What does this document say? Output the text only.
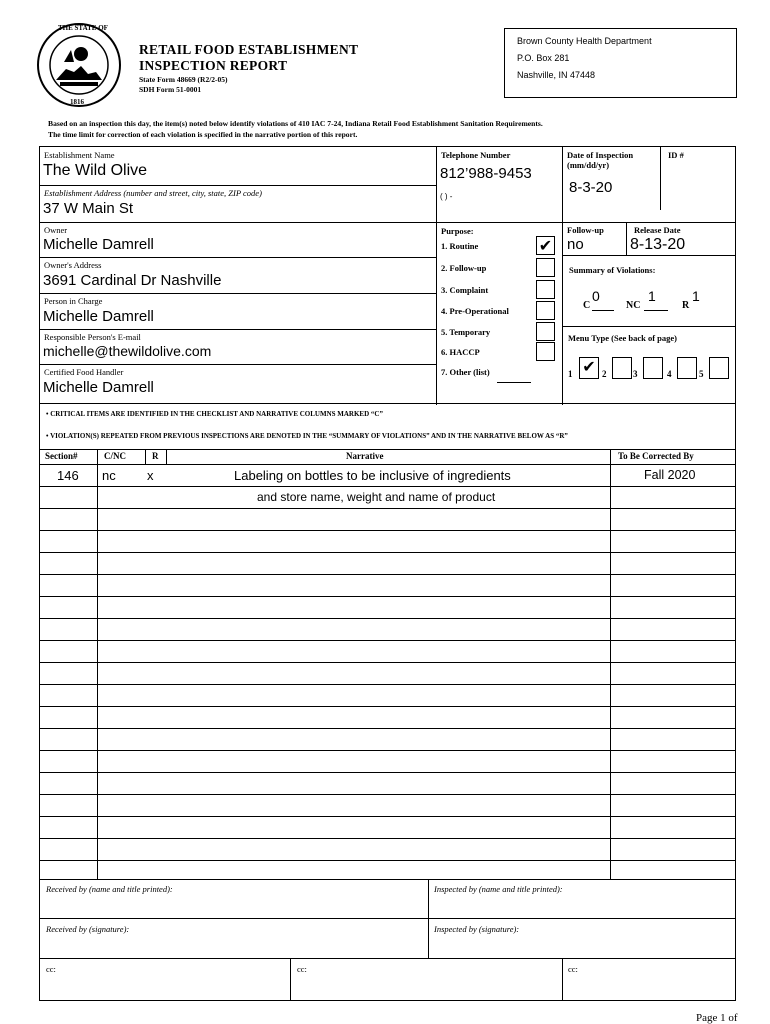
THE STATE OF
1816
RETAIL FOOD ESTABLISHMENT
INSPECTION REPORT
State Form 48669 (R2/2-05)
SDH Form 51-0001
Brown County Health Department
P.O. Box 281
Nashville, IN 47448
Based on an inspection this day, the item(s) noted below identify violations of 410 IAC 7-24, Indiana Retail Food Establishment Sanitation Requirements.
The time limit for correction of each violation is specified in the narrative portion of this report.
Establishment Name
The Wild Olive
Establishment Address (number and street, city, state, ZIP code)
37 W Main St
Owner
Michelle Damrell
Owner's Address
3691 Cardinal Dr Nashville
Person in Charge
Michelle Damrell
Responsible Person's E-mail
michelle@thewildolive.com
Certified Food Handler
Michelle Damrell
Telephone Number
812’988-9453
( ) -
Purpose:
1. Routine	✔
2. Follow-up
3. Complaint
4. Pre-Operational
5. Temporary
6. HACCP
7. Other (list)
Date of Inspection (mm/dd/yr)
8-3-20
ID #
Follow-up
no
Release Date
8-13-20
Summary of Violations:
C
0
NC
1
R
1
Menu Type (See back of page)
1 ✔ 2	3	4	5
• CRITICAL ITEMS ARE IDENTIFIED IN THE CHECKLIST AND NARRATIVE COLUMNS MARKED “C”
• VIOLATION(S) REPEATED FROM PREVIOUS INSPECTIONS ARE DENOTED IN THE “SUMMARY OF VIOLATIONS” AND IN THE NARRATIVE BELOW AS “R”
Section#	C/NC	R	Narrative	To Be Corrected By
146 nc x	Labeling on bottles to be inclusive of ingredients	Fall 2020
and store name, weight and name of product
Received by (name and title printed):	Inspected by (name and title printed):
Received by (signature):	Inspected by (signature):
cc:	cc:	cc:
Page 1 of
